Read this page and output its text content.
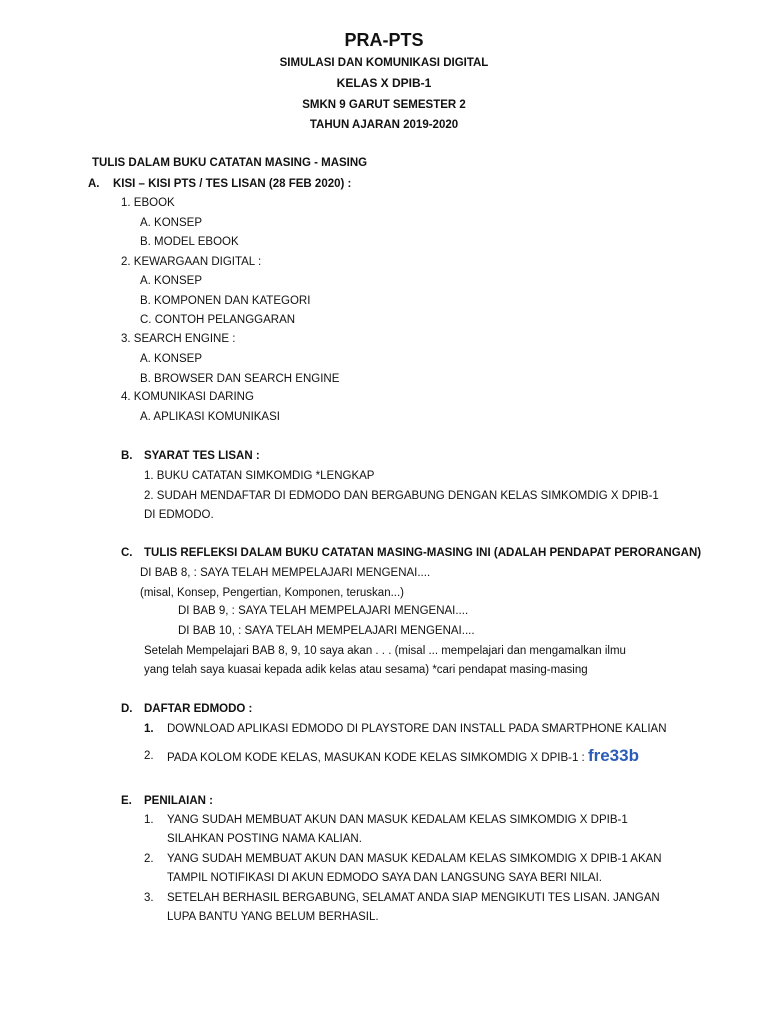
PRA-PTS
SIMULASI DAN KOMUNIKASI DIGITAL
KELAS X DPIB-1
SMKN 9 GARUT SEMESTER 2
TAHUN AJARAN 2019-2020
TULIS DALAM BUKU CATATAN MASING - MASING
A. KISI – KISI PTS / TES LISAN (28 FEB 2020) :
1. EBOOK
A. KONSEP
B. MODEL EBOOK
2. KEWARGAAN DIGITAL :
A. KONSEP
B. KOMPONEN DAN KATEGORI
C. CONTOH PELANGGARAN
3. SEARCH ENGINE :
A. KONSEP
B. BROWSER DAN SEARCH ENGINE
4. KOMUNIKASI DARING
A. APLIKASI KOMUNIKASI
B. SYARAT TES LISAN :
1. BUKU CATATAN SIMKOMDIG *LENGKAP
2. SUDAH MENDAFTAR DI EDMODO DAN BERGABUNG DENGAN KELAS SIMKOMDIG X DPIB-1
DI EDMODO.
C. TULIS REFLEKSI DALAM BUKU CATATAN MASING-MASING INI (ADALAH PENDAPAT PERORANGAN)
DI BAB 8, : SAYA TELAH MEMPELAJARI MENGENAI....
(misal, Konsep, Pengertian, Komponen, teruskan...)
DI BAB 9, : SAYA TELAH MEMPELAJARI MENGENAI....
DI BAB 10, : SAYA TELAH MEMPELAJARI MENGENAI....
Setelah Mempelajari BAB 8, 9, 10 saya akan . . . (misal ... mempelajari dan mengamalkan ilmu
yang telah saya kuasai kepada adik kelas atau sesama) *cari pendapat masing-masing
D. DAFTAR EDMODO :
1. DOWNLOAD APLIKASI EDMODO DI PLAYSTORE DAN INSTALL PADA SMARTPHONE KALIAN
2. PADA KOLOM KODE KELAS, MASUKAN KODE KELAS SIMKOMDIG X DPIB-1 : fre33b
E. PENILAIAN :
1. YANG SUDAH MEMBUAT AKUN DAN MASUK KEDALAM KELAS SIMKOMDIG X DPIB-1
SILAHKAN POSTING NAMA KALIAN.
2. YANG SUDAH MEMBUAT AKUN DAN MASUK KEDALAM KELAS SIMKOMDIG X DPIB-1 AKAN
TAMPIL NOTIFIKASI DI AKUN EDMODO SAYA DAN LANGSUNG SAYA BERI NILAI.
3. SETELAH BERHASIL BERGABUNG, SELAMAT ANDA SIAP MENGIKUTI TES LISAN. JANGAN
LUPA BANTU YANG BELUM BERHASIL.
